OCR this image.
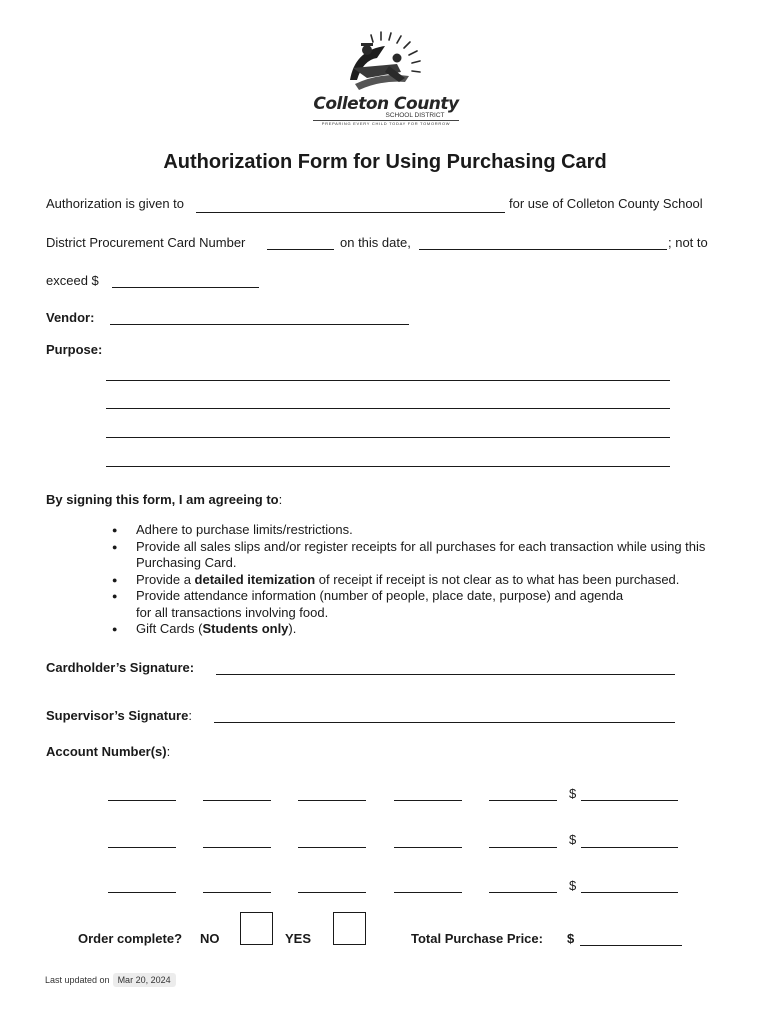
Colleton County
SCHOOL DISTRICT
PREPARING EVERY CHILD TODAY FOR TOMORROW
Authorization Form for Using Purchasing Card
Authorization is given to	for use of Colleton County School
District Procurement Card Number	on this date,	; not to
exceed $
Vendor:
Purpose:
By signing this form, I am agreeing to:
● Adhere to purchase limits/restrictions.
● Provide all sales slips and/or register receipts for all purchases for each transaction while using this Purchasing Card.
● Provide a detailed itemization of receipt if receipt is not clear as to what has been purchased.
● Provide attendance information (number of people, place date, purpose) and agenda
for all transactions involving food.
● Gift Cards (Students only).
Cardholder’s Signature:
Supervisor’s Signature:
Account Number(s):
$
$
$
Order complete? NO	YES	Total Purchase Price: $
Last updated on Mar 20, 2024
